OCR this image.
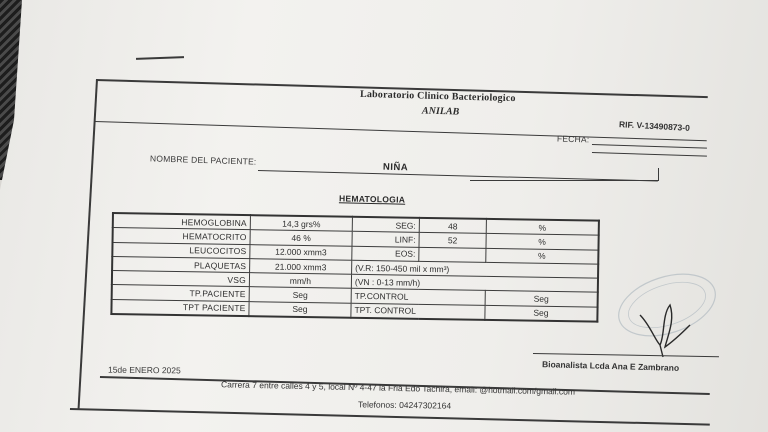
Laboratorio Clinico Bacteriologico
ANILAB
RIF. V-13490873-0
FECHA:
NOMBRE DEL PACIENTE:
NIÑA
HEMATOLOGIA
HEMOGLOBINA	14,3 grs%	SEG:	48	%
HEMATOCRITO	46 %	LINF:	52	%
LEUCOCITOS	12.000 xmm3	EOS:		%
PLAQUETAS	21.000 xmm3	(V.R: 150-450 mil x mm³)		
VSG	mm/h	(VN : 0-13 mm/h)		
TP.PACIENTE	Seg	TP.CONTROL		Seg
TPT PACIENTE	Seg	TPT. CONTROL		Seg
15de ENERO 2025	Bioanalista Lcda Ana E Zambrano
Carrera 7 entre calles 4 y 5, local Nº 4-47 la Fria Edo Tachira, email: @hotmail.com/gmail.com
Telefonos: 04247302164
